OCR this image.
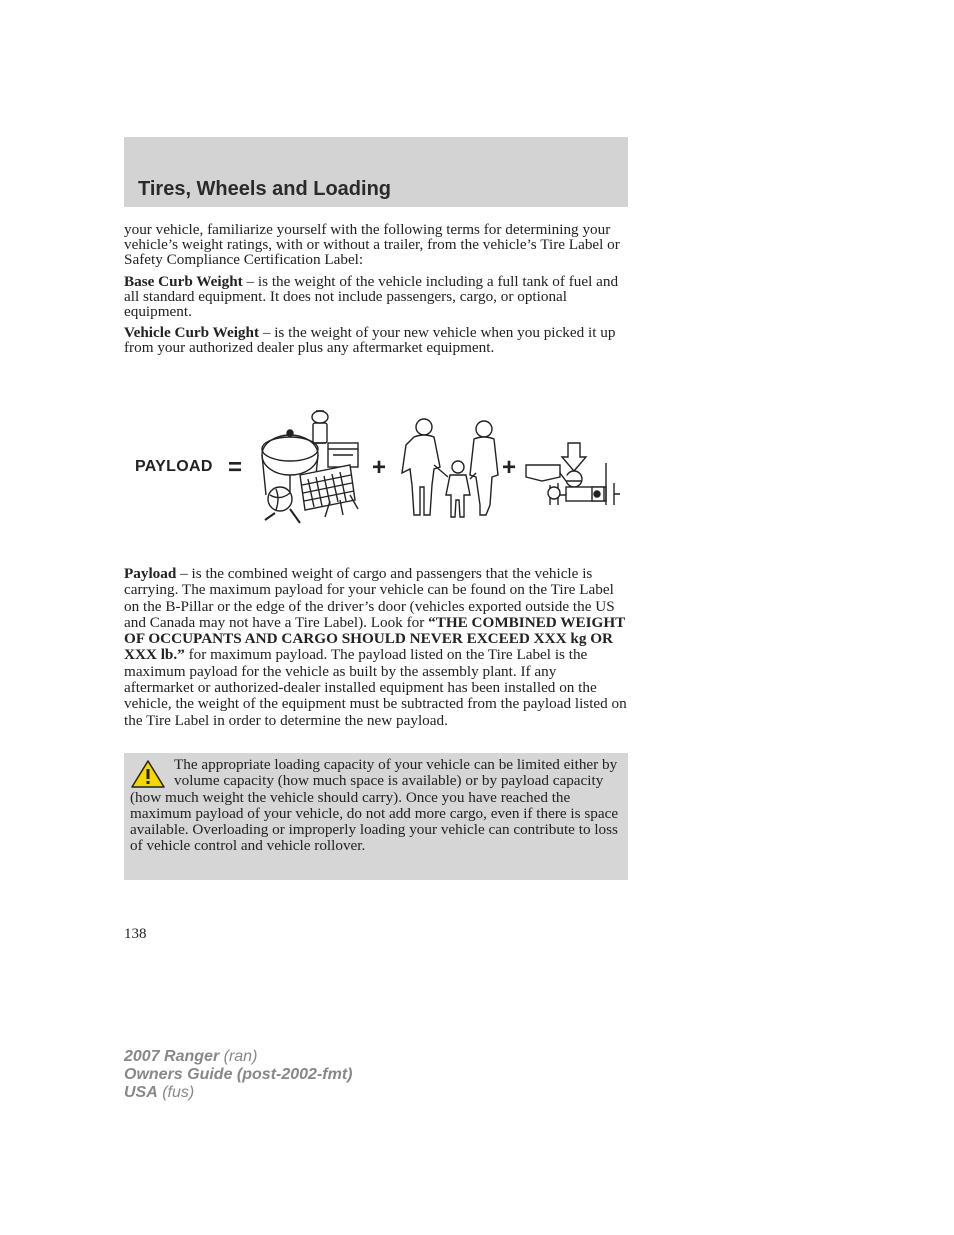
Tires, Wheels and Loading

your vehicle, familiarize yourself with the following terms for determining your vehicle’s weight ratings, with or without a trailer, from the vehicle’s Tire Label or Safety Compliance Certification Label:

Base Curb Weight – is the weight of the vehicle including a full tank of fuel and all standard equipment. It does not include passengers, cargo, or optional equipment.

Vehicle Curb Weight – is the weight of your new vehicle when you picked it up from your authorized dealer plus any aftermarket equipment.

PAYLOAD =	+	+

Payload – is the combined weight of cargo and passengers that the vehicle is carrying. The maximum payload for your vehicle can be found on the Tire Label on the B-Pillar or the edge of the driver’s door (vehicles exported outside the US and Canada may not have a Tire Label). Look for “THE COMBINED WEIGHT OF OCCUPANTS AND CARGO SHOULD NEVER EXCEED XXX kg OR XXX lb.” for maximum payload. The payload listed on the Tire Label is the maximum payload for the vehicle as built by the assembly plant. If any aftermarket or authorized-dealer installed equipment has been installed on the vehicle, the weight of the equipment must be subtracted from the payload listed on the Tire Label in order to determine the new payload.

The appropriate loading capacity of your vehicle can be limited either by volume capacity (how much space is available) or by payload capacity (how much weight the vehicle should carry). Once you have reached the maximum payload of your vehicle, do not add more cargo, even if there is space available. Overloading or improperly loading your vehicle can contribute to loss of vehicle control and vehicle rollover.
138
2007 Ranger (ran)
Owners Guide (post-2002-fmt)
USA (fus)
